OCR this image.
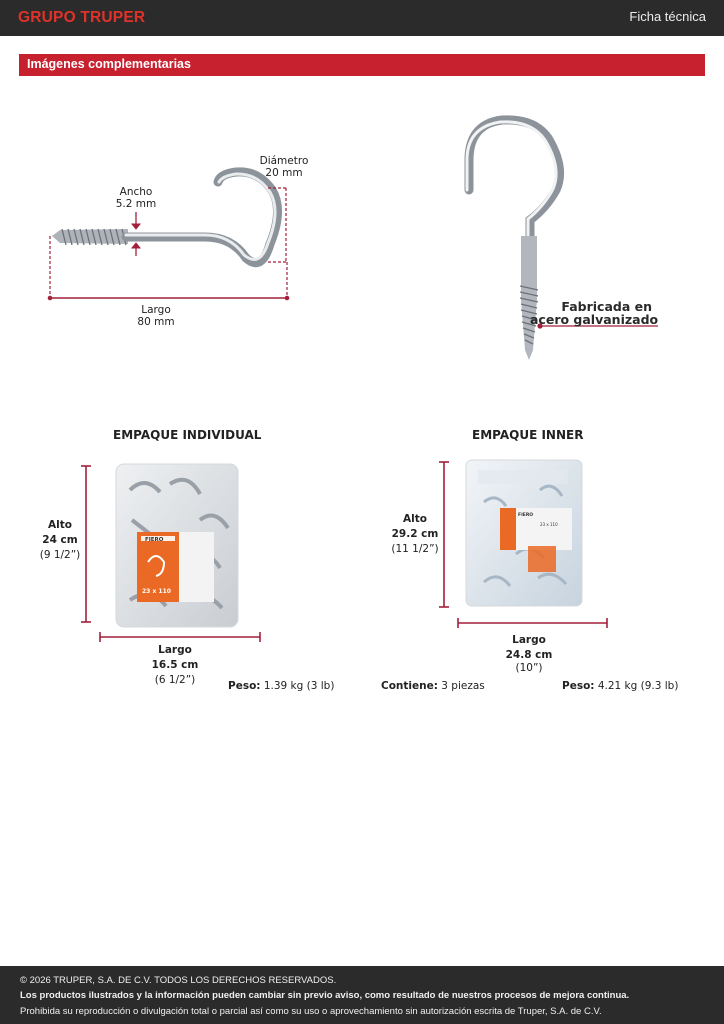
GRUPO TRUPER	Ficha técnica
Imágenes complementarias
Diámetro
20 mm
Ancho
5.2 mm
Largo
80 mm
Fabricada en
acero galvanizado
EMPAQUE INDIVIDUAL
FIERO
23 x 110
Alto
24 cm
(9 1/2”)
Largo
16.5 cm
(6 1/2”)	Peso: 1.39 kg (3 lb)
EMPAQUE INNER
FIERO
23 x 110
Alto
29.2 cm
(11 1/2”)
Largo
24.8 cm
(10”)
Contiene: 3 piezas	Peso: 4.21 kg (9.3 lb)
© 2026 TRUPER, S.A. DE C.V. TODOS LOS DERECHOS RESERVADOS.
Los productos ilustrados y la información pueden cambiar sin previo aviso, como resultado de nuestros procesos de mejora continua.
Prohibida su reproducción o divulgación total o parcial así como su uso o aprovechamiento sin autorización escrita de Truper, S.A. de C.V.
